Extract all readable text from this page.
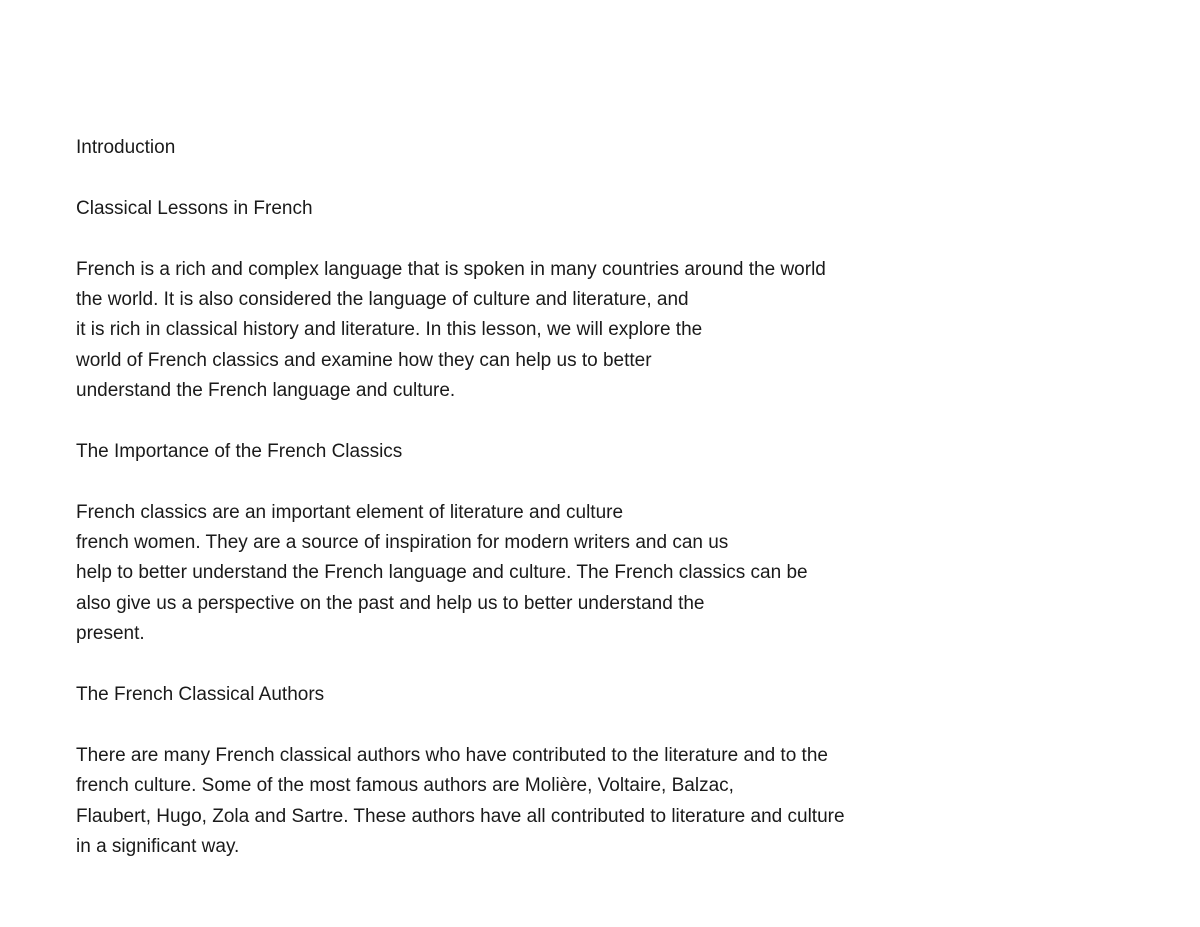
Introduction

Classical Lessons in French

French is a rich and complex language that is spoken in many countries around the world

the world. It is also considered the language of culture and literature, and

it is rich in classical history and literature. In this lesson, we will explore the

world of French classics and examine how they can help us to better

understand the French language and culture.

The Importance of the French Classics

French classics are an important element of literature and culture

french women. They are a source of inspiration for modern writers and can us

help to better understand the French language and culture. The French classics can be

also give us a perspective on the past and help us to better understand the

present.

The French Classical Authors

There are many French classical authors who have contributed to the literature and to the

french culture. Some of the most famous authors are Molière, Voltaire, Balzac,

Flaubert, Hugo, Zola and Sartre. These authors have all contributed to literature and culture

in a significant way.
